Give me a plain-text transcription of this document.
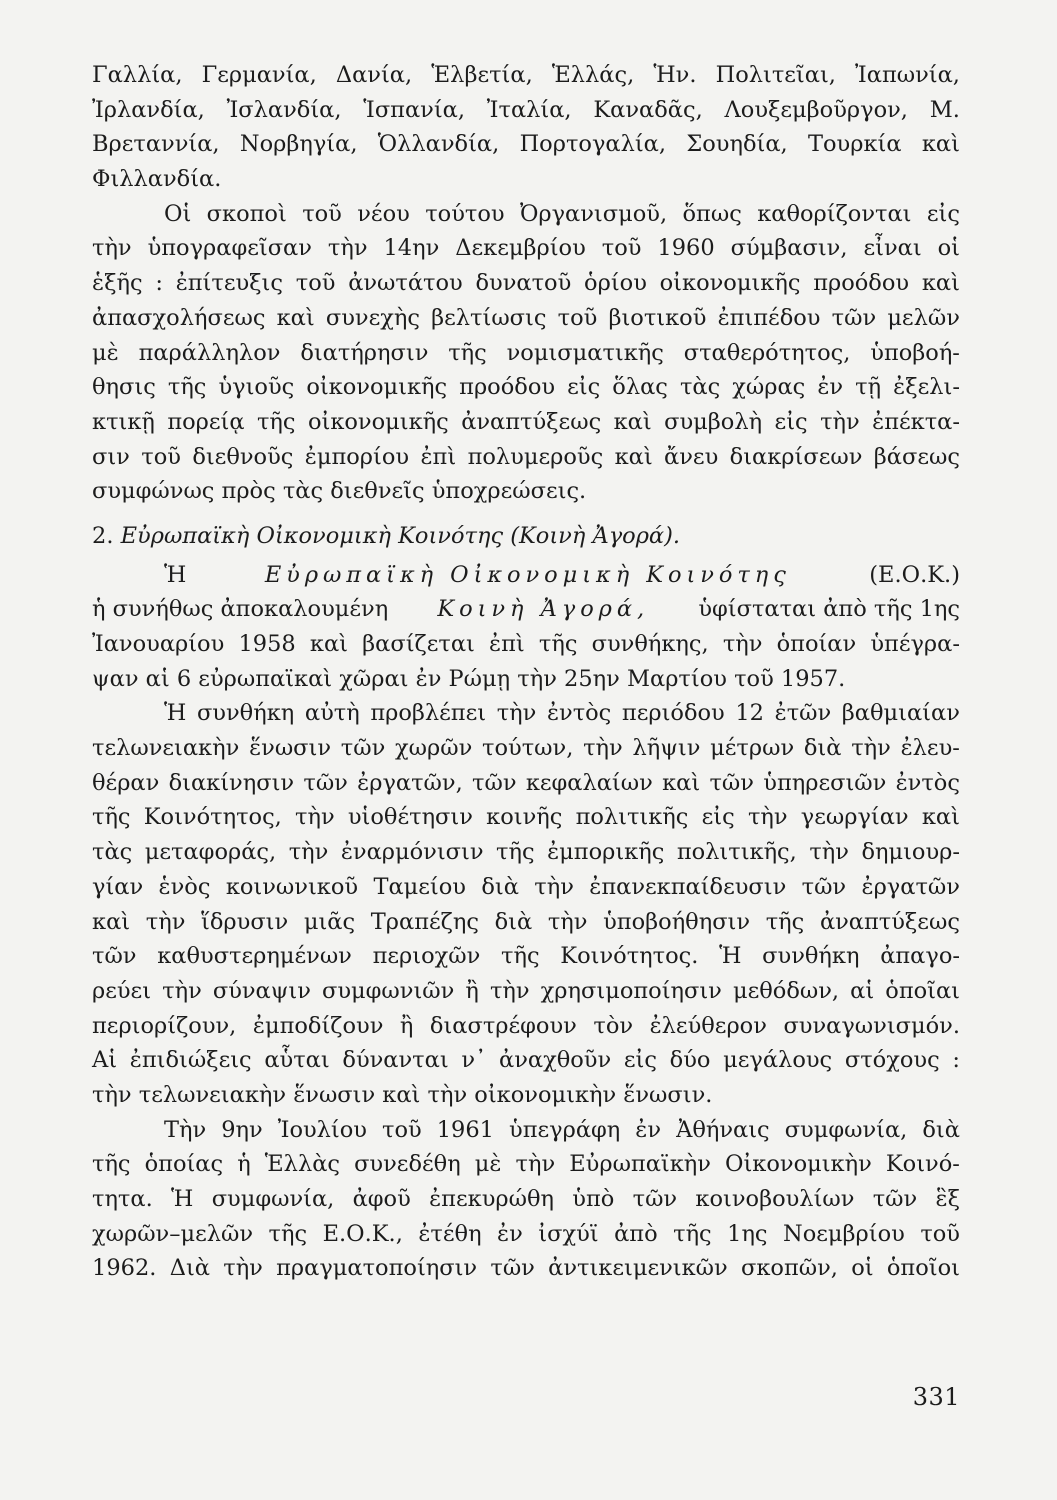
Γαλλία, Γερμανία, Δανία, Ἑλβετία, Ἑλλάς, Ἡν. Πολιτεῖαι, Ἰαπωνία,
Ἰρλανδία, Ἰσλανδία, Ἱσπανία, Ἰταλία, Καναδᾶς, Λουξεμβοῦργον, Μ.
Βρεταννία, Νορβηγία, Ὁλλανδία, Πορτογαλία, Σουηδία, Τουρκία καὶ
Φιλλανδία.
Οἱ σκοποὶ τοῦ νέου τούτου Ὀργανισμοῦ, ὅπως καθορίζονται εἰς
τὴν ὑπογραφεῖσαν τὴν 14ην Δεκεμβρίου τοῦ 1960 σύμβασιν, εἶναι οἱ
ἑξῆς : ἐπίτευξις τοῦ ἀνωτάτου δυνατοῦ ὁρίου οἰκονομικῆς προόδου καὶ
ἀπασχολήσεως καὶ συνεχὴς βελτίωσις τοῦ βιοτικοῦ ἐπιπέδου τῶν μελῶν
μὲ παράλληλον διατήρησιν τῆς νομισματικῆς σταθερότητος, ὑποβοή-
θησις τῆς ὑγιοῦς οἰκονομικῆς προόδου εἰς ὅλας τὰς χώρας ἐν τῇ ἐξελι-
κτικῇ πορείᾳ τῆς οἰκονομικῆς ἀναπτύξεως καὶ συμβολὴ εἰς τὴν ἐπέκτα-
σιν τοῦ διεθνοῦς ἐμπορίου ἐπὶ πολυμεροῦς καὶ ἄνευ διακρίσεων βάσεως
συμφώνως πρὸς τὰς διεθνεῖς ὑποχρεώσεις.
2.
Εὐρωπαϊκὴ Οἰκονομικὴ Κοινότης (Κοινὴ Ἀγορά).
Ἡ	Εὐρωπαϊκὴ Οἰκονομικὴ Κοινότης	(Ε.Ο.Κ.)
ἡ συνήθως ἀποκαλουμένη Κοινὴ Ἀγορά, ὑφίσταται ἀπὸ τῆς 1ης
Ἰανουαρίου 1958 καὶ βασίζεται ἐπὶ τῆς συνθήκης, τὴν ὁποίαν ὑπέγρα-
ψαν αἱ 6 εὐρωπαϊκαὶ χῶραι ἐν Ρώμῃ τὴν 25ην Μαρτίου τοῦ 1957.
Ἡ συνθήκη αὐτὴ προβλέπει τὴν ἐντὸς περιόδου 12 ἐτῶν βαθμιαίαν
τελωνειακὴν ἕνωσιν τῶν χωρῶν τούτων, τὴν λῆψιν μέτρων διὰ τὴν ἐλευ-
θέραν διακίνησιν τῶν ἐργατῶν, τῶν κεφαλαίων καὶ τῶν ὑπηρεσιῶν ἐντὸς
τῆς Κοινότητος, τὴν υἱοθέτησιν κοινῆς πολιτικῆς εἰς τὴν γεωργίαν καὶ
τὰς μεταφοράς, τὴν ἐναρμόνισιν τῆς ἐμπορικῆς πολιτικῆς, τὴν δημιουρ-
γίαν ἑνὸς κοινωνικοῦ Ταμείου διὰ τὴν ἐπανεκπαίδευσιν τῶν ἐργατῶν
καὶ τὴν ἵδρυσιν μιᾶς Τραπέζης διὰ τὴν ὑποβοήθησιν τῆς ἀναπτύξεως
τῶν καθυστερημένων περιοχῶν τῆς Κοινότητος. Ἡ συνθήκη ἀπαγο-
ρεύει τὴν σύναψιν συμφωνιῶν ἢ τὴν χρησιμοποίησιν μεθόδων, αἱ ὁποῖαι
περιορίζουν, ἐμποδίζουν ἢ διαστρέφουν τὸν ἐλεύθερον συναγωνισμόν.
Αἱ ἐπιδιώξεις αὗται δύνανται ν᾽ ἀναχθοῦν εἰς δύο μεγάλους στόχους :
τὴν τελωνειακὴν ἕνωσιν καὶ τὴν οἰκονομικὴν ἕνωσιν.
Τὴν 9ην Ἰουλίου τοῦ 1961 ὑπεγράφη ἐν Ἀθήναις συμφωνία, διὰ
τῆς ὁποίας ἡ Ἑλλὰς συνεδέθη μὲ τὴν Εὐρωπαϊκὴν Οἰκονομικὴν Κοινό-
τητα. Ἡ συμφωνία, ἀφοῦ ἐπεκυρώθη ὑπὸ τῶν κοινοβουλίων τῶν ἓξ
χωρῶν–μελῶν τῆς Ε.Ο.Κ., ἐτέθη ἐν ἰσχύϊ ἀπὸ τῆς 1ης Νοεμβρίου τοῦ
1962. Διὰ τὴν πραγματοποίησιν τῶν ἀντικειμενικῶν σκοπῶν, οἱ ὁποῖοι
331
